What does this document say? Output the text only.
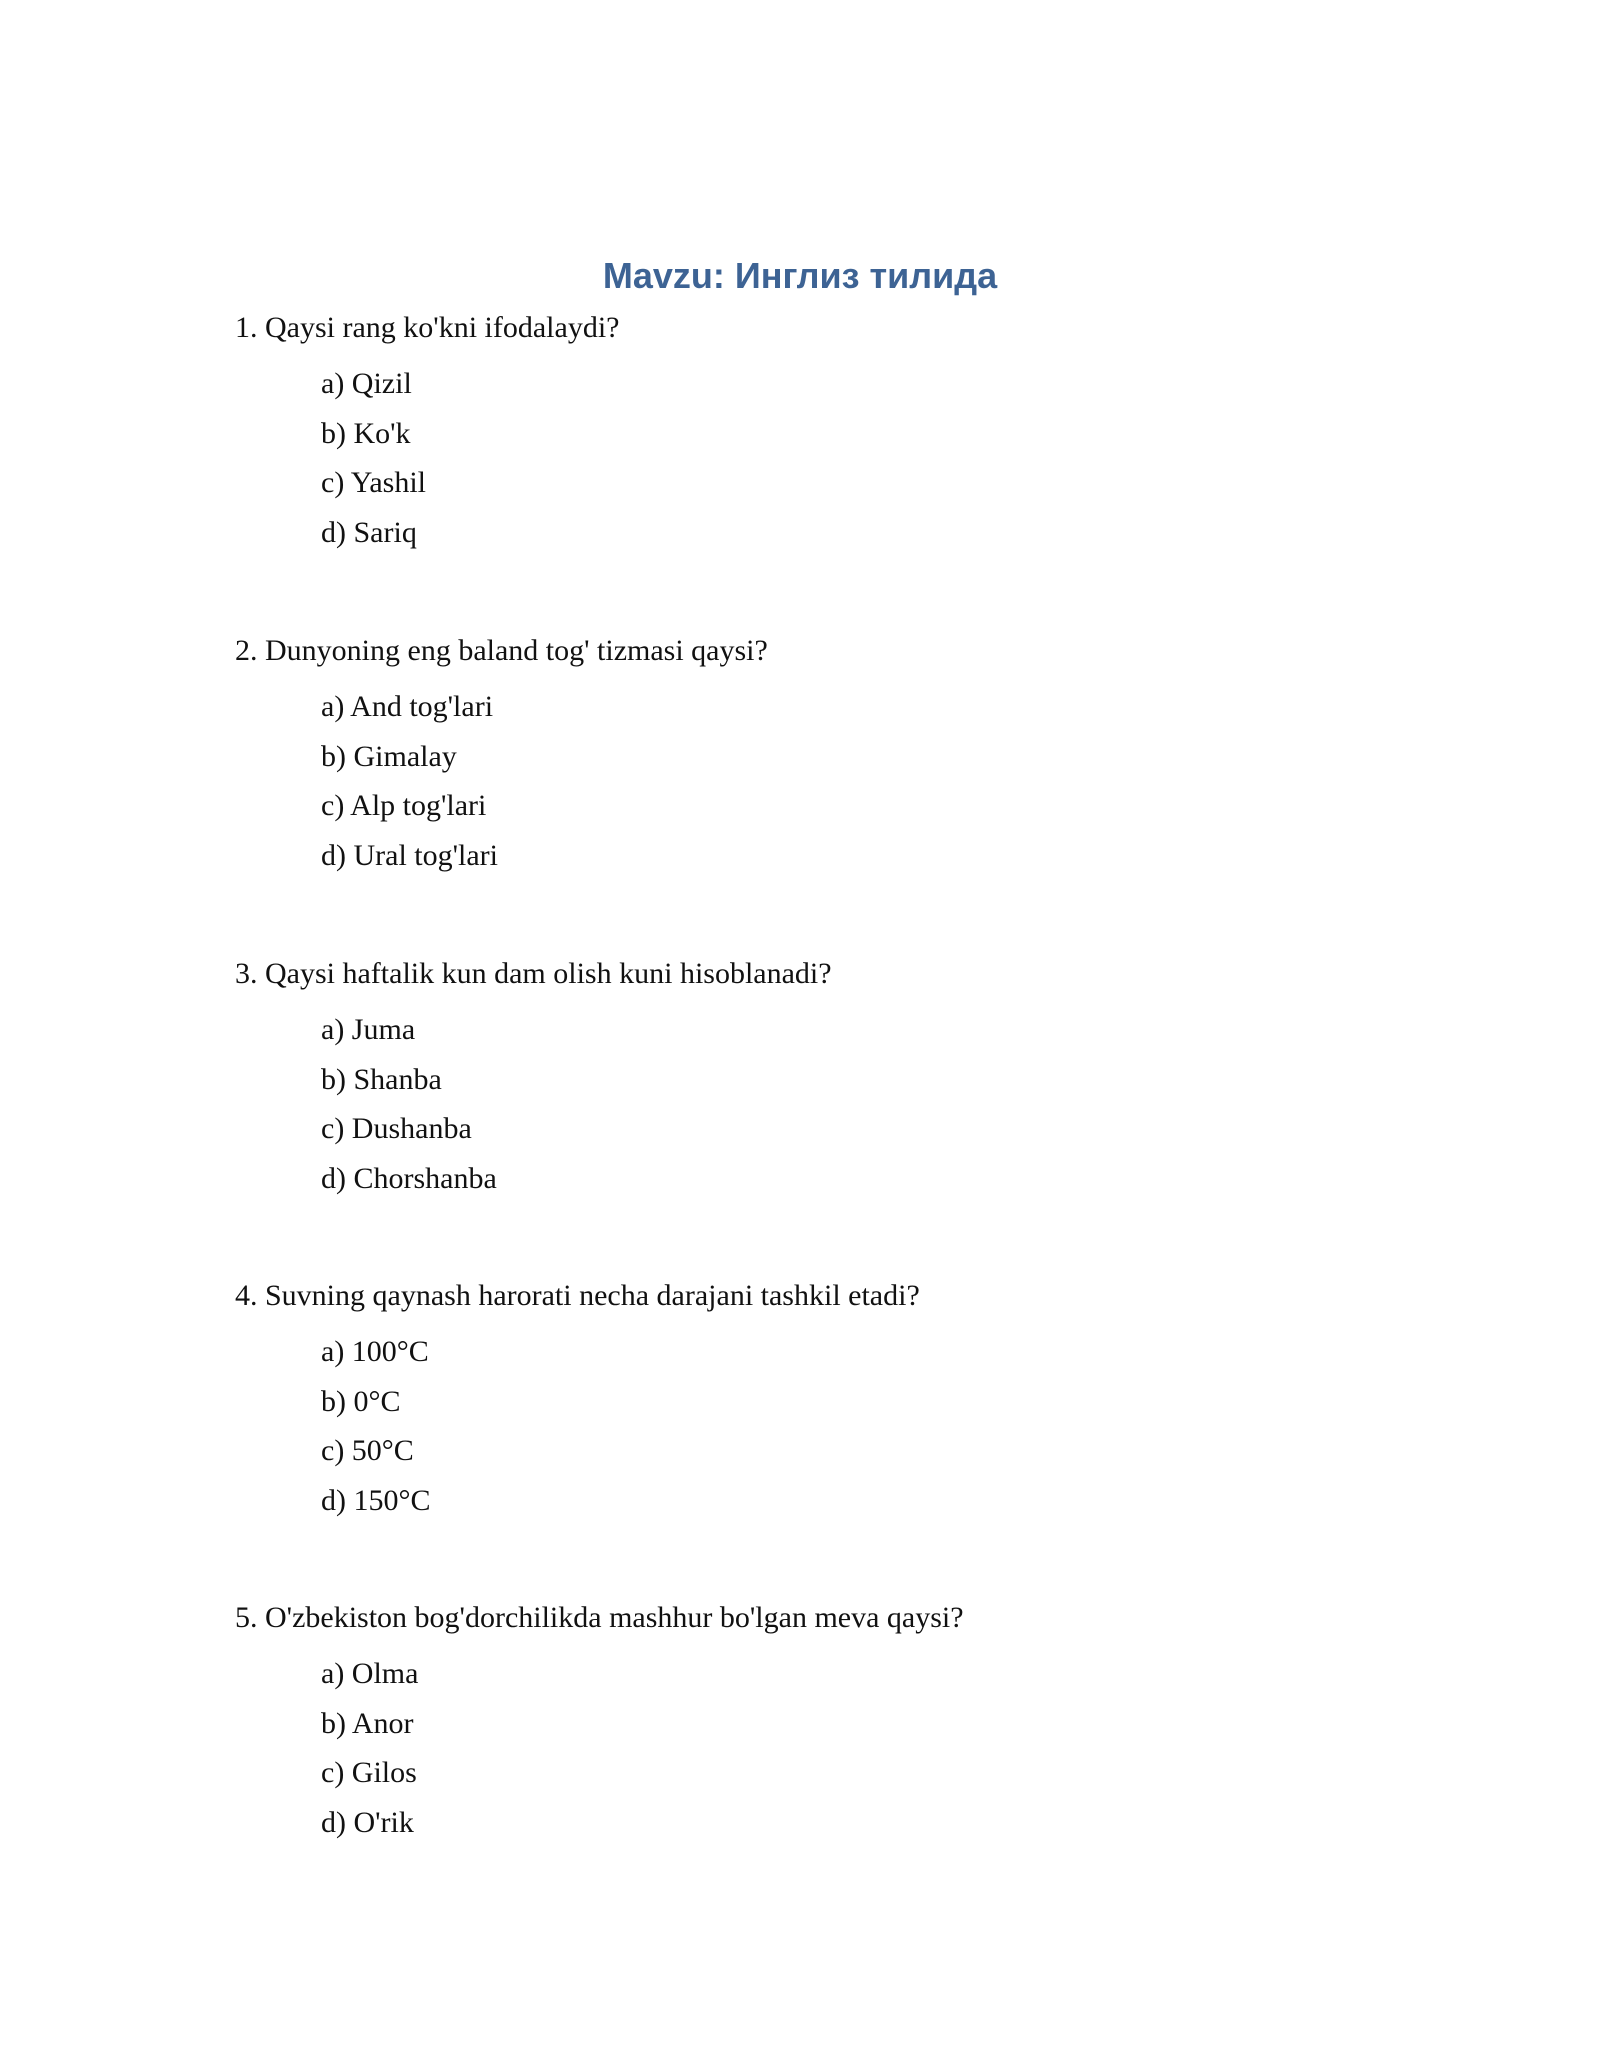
Mavzu: Инглиз тилида

1. Qaysi rang ko'kni ifodalaydi?

a) Qizil
b) Ko'k
c) Yashil
d) Sariq

2. Dunyoning eng baland tog' tizmasi qaysi?

a) And tog'lari
b) Gimalay
c) Alp tog'lari
d) Ural tog'lari

3. Qaysi haftalik kun dam olish kuni hisoblanadi?

a) Juma
b) Shanba
c) Dushanba
d) Chorshanba

4. Suvning qaynash harorati necha darajani tashkil etadi?

a) 100°C
b) 0°C
c) 50°C
d) 150°C

5. O'zbekiston bog'dorchilikda mashhur bo'lgan meva qaysi?

a) Olma
b) Anor
c) Gilos
d) O'rik
